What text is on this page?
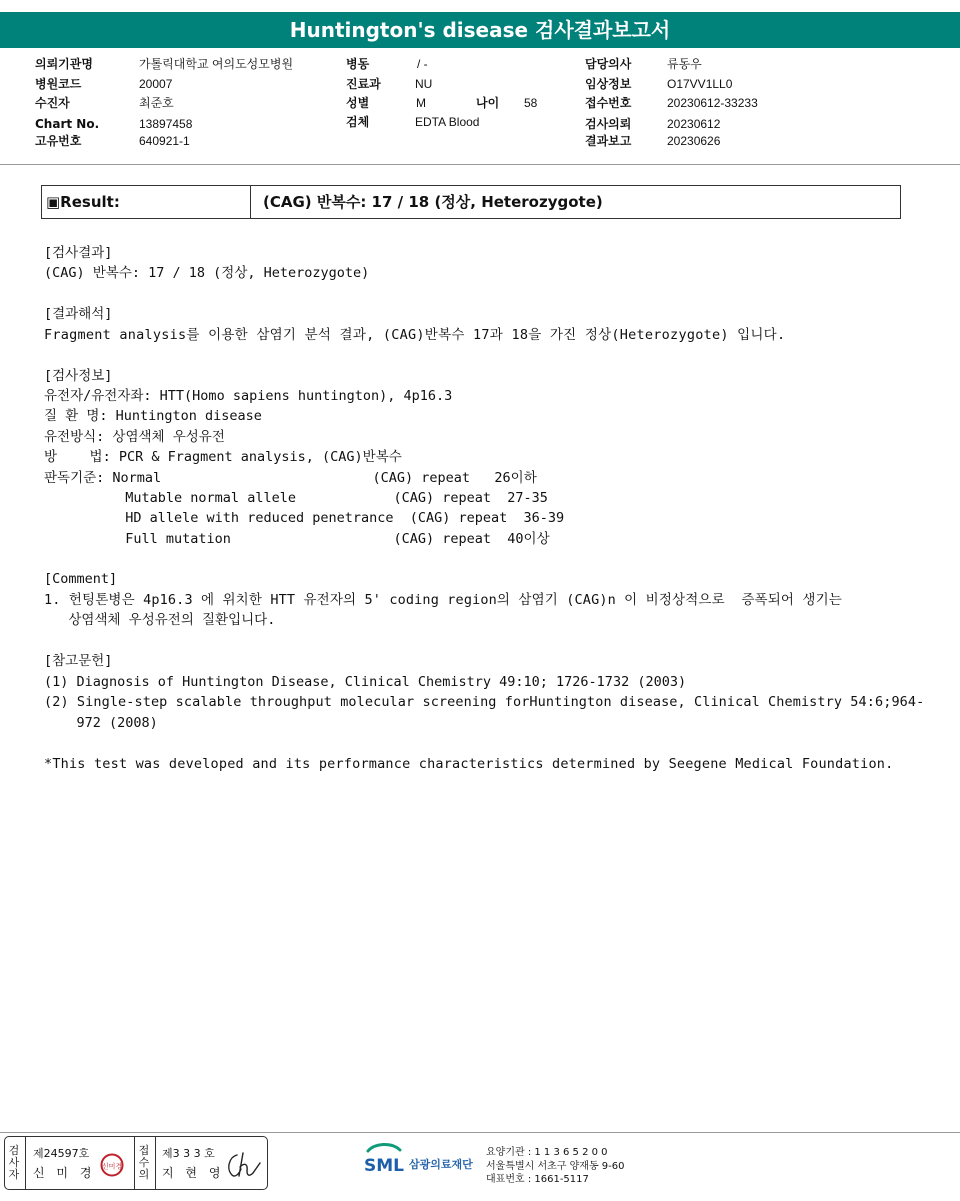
Huntington's disease 검사결과보고서
의뢰기관명	가톨릭대학교 여의도성모병원
병원코드	20007
수진자	최준호
Chart No.	13897458
고유번호	640921-1
병동	/ -
진료과	NU
성별	M	나이 58
검체	EDTA Blood
담당의사	류동우
임상정보	O17VV1LL0
접수번호	20230612-33233
검사의뢰	20230612
결과보고	20230626
▣Result:	(CAG) 반복수: 17 / 18 (정상, Heterozygote)
[검사결과]
(CAG) 반복수: 17 / 18 (정상, Heterozygote)
[결과해석]
Fragment analysis를 이용한 삼염기 분석 결과, (CAG)반복수 17과 18을 가진 정상(Heterozygote) 입니다.
[검사정보]
유전자/유전자좌: HTT(Homo sapiens huntington), 4p16.3
질 환 명: Huntington disease
유전방식: 상염색체 우성유전
방    법: PCR & Fragment analysis, (CAG)반복수
판독기준: Normal                          (CAG) repeat   26이하
Mutable normal allele            (CAG) repeat  27-35
HD allele with reduced penetrance  (CAG) repeat  36-39
Full mutation                    (CAG) repeat  40이상
[Comment]
1. 헌팅톤병은 4p16.3 에 위치한 HTT 유전자의 5' coding region의 삼염기 (CAG)n 이 비정상적으로  증폭되어 생기는
상염색체 우성유전의 질환입니다.
[참고문헌]
(1) Diagnosis of Huntington Disease, Clinical Chemistry 49:10; 1726-1732 (2003)
(2) Single-step scalable throughput molecular screening forHuntington disease, Clinical Chemistry 54:6;964-
972 (2008)
*This test was developed and its performance characteristics determined by Seegene Medical Foundation.
검사자
제24597호
신 미 경 신미경
접수의
제3 3 3 호
지 현 영	SML 삼광의료재단
요양기관 : 1 1 3 6 5 2 0 0
서울특별시 서초구 양재동 9-60
대표번호 : 1661-5117
